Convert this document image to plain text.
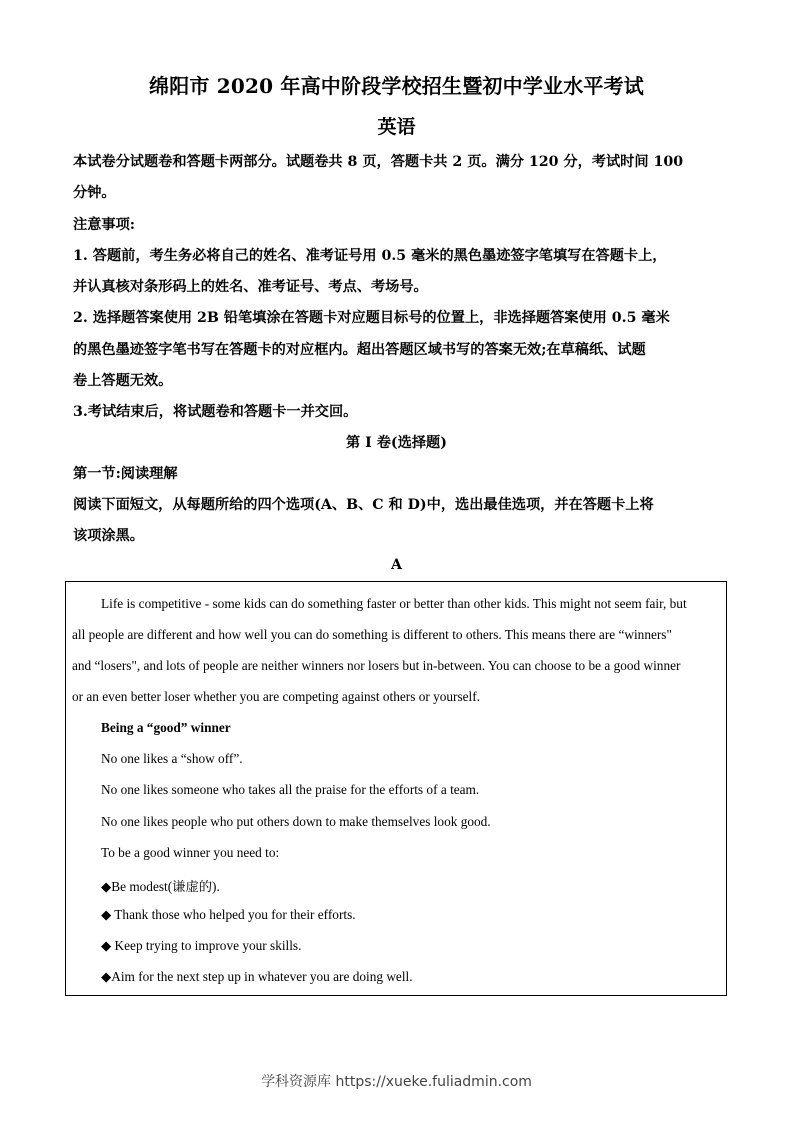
绵阳市 2020 年高中阶段学校招生暨初中学业水平考试
英语
本试卷分试题卷和答题卡两部分。试题卷共 8 页，答题卡共 2 页。满分 120 分，考试时间 100
分钟。
注意事项:
1. 答题前，考生务必将自己的姓名、准考证号用 0.5 毫米的黑色墨迹签字笔填写在答题卡上，
并认真核对条形码上的姓名、准考证号、考点、考场号。
2. 选择题答案使用 2B 铅笔填涂在答题卡对应题目标号的位置上，非选择题答案使用 0.5 毫米
的黑色墨迹签字笔书写在答题卡的对应框内。超出答题区域书写的答案无效;在草稿纸、试题
卷上答题无效。
3.考试结束后，将试题卷和答题卡一并交回。
第 I 卷(选择题)
第一节:阅读理解
阅读下面短文，从每题所给的四个选项(A、B、C 和 D)中，选出最佳选项，并在答题卡上将
该项涂黑。
A
Life is competitive - some kids can do something faster or better than other kids. This might not seem fair, but
all people are different and how well you can do something is different to others. This means there are “winners"
and “losers", and lots of people are neither winners nor losers but in-between. You can choose to be a good winner
or an even better loser whether you are competing against others or yourself.
Being a “good” winner
No one likes a “show off”.
No one likes someone who takes all the praise for the efforts of a team.
No one likes people who put others down to make themselves look good.
To be a good winner you need to:
◆Be modest(谦虚的).
◆ Thank those who helped you for their efforts.
◆ Keep trying to improve your skills.
◆Aim for the next step up in whatever you are doing well.
学科资源库 https://xueke.fuliadmin.com
